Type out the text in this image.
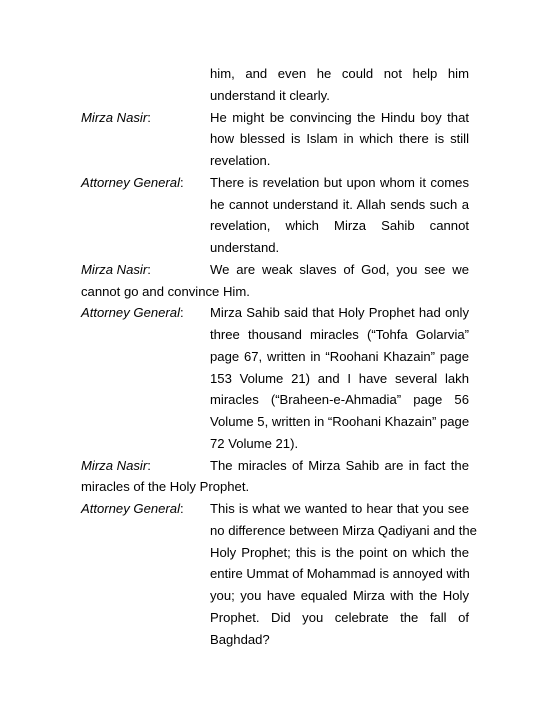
him, and even he could not help him
understand it clearly.
Mirza Nasir:	He might be convincing the Hindu boy that
how blessed is Islam in which there is still
revelation.
Attorney General: There is revelation but upon whom it comes
he cannot understand it. Allah sends such a
revelation, which Mirza Sahib cannot
understand.
Mirza Nasir:	We are weak slaves of God, you see we
cannot go and convince Him.
Attorney General: Mirza Sahib said that Holy Prophet had only
three thousand miracles (“Tohfa Golarvia”
page 67, written in “Roohani Khazain” page
153 Volume 21) and I have several lakh
miracles (“Braheen-e-Ahmadia” page 56
Volume 5, written in “Roohani Khazain” page
72 Volume 21).
Mirza Nasir:	The miracles of Mirza Sahib are in fact the
miracles of the Holy Prophet.
Attorney General: This is what we wanted to hear that you see
no difference between Mirza Qadiyani and the
Holy Prophet; this is the point on which the
entire Ummat of Mohammad is annoyed with
you; you have equaled Mirza with the Holy
Prophet. Did you celebrate the fall of
Baghdad?
